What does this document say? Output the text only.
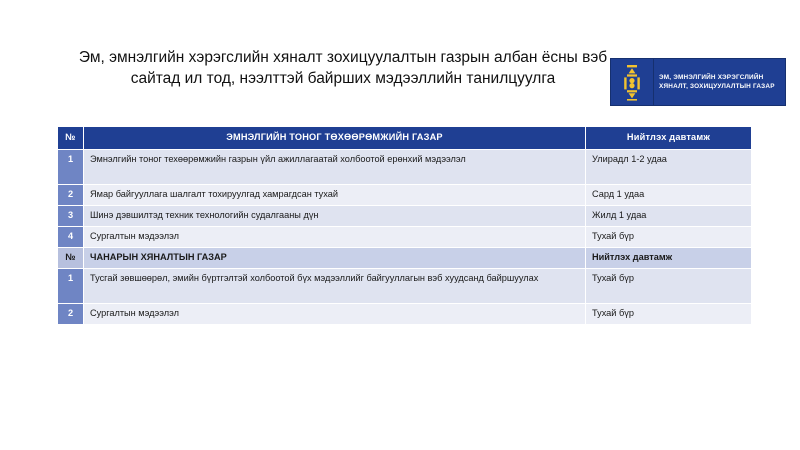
Эм, эмнэлгийн хэрэгслийн хяналт зохицуулалтын газрын албан ёсны вэб сайтад ил тод, нээлттэй байрших мэдээллийн танилцуулга	ЭМ, ЭМНЭЛГИЙН ХЭРЭГСЛИЙН
ХЯНАЛТ, ЗОХИЦУУЛАЛТЫН ГАЗАР
№	ЭМНЭЛГИЙН ТОНОГ ТӨХӨӨРӨМЖИЙН ГАЗАР	Нийтлэх давтамж
1	Эмнэлгийн тоног техөөрөмжийн газрын үйл ажиллагаатай холбоотой ерөнхий мэдээлэл	Улирадл 1-2 удаа
2	Ямар байгууллага шалгалт тохируулгад хамрагдсан тухай	Сард 1 удаа
3	Шинэ дэвшилтэд техник технологийн судалгааны дүн	Жилд 1 удаа
4	Сургалтын мэдээлэл	Тухай бүр
№	ЧАНАРЫН ХЯНАЛТЫН ГАЗАР	Нийтлэх давтамж
1	Тусгай зөвшөөрөл, эмийн бүртгэлтэй холбоотой бүх мэдээллийг байгууллагын вэб хуудсанд байршуулах	Тухай бүр
2	Сургалтын мэдээлэл	Тухай бүр
